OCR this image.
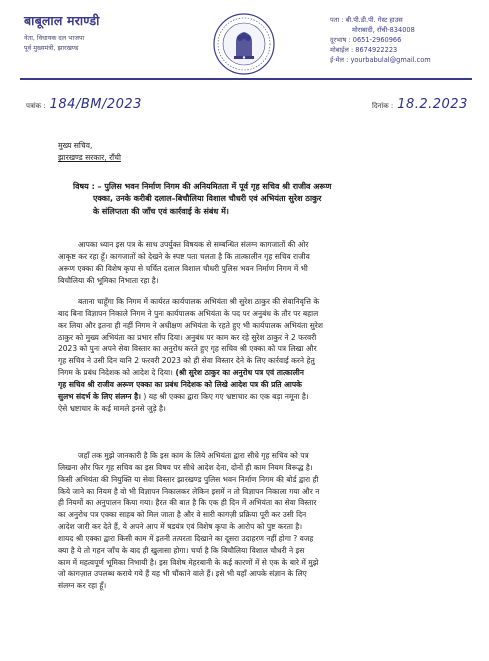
बाबूलाल मराण्डी
नेता, विधायक दल भाजपा
पूर्व मुख्यमंत्री, झारखण्ड
पता : बी.पी.डी.पी. गेस्ट हाउस
मोराबादी, राँची-834008
दूरभाष : 0651-2960966
मोबाईल : 8674922223
ई-मेल : yourbabulal@gmail.com
पत्रांक : 184/BM/2023	दिनांक : 18.2.2023
मुख्य सचिव,
झारखण्ड सरकार, राँची
विषय : – पुलिस भवन निर्माण निगम की अनियमितता में पूर्व गृह सचिव श्री राजीव अरूण
एक्का, उनके करीबी दलाल–बिचौलिया विशाल चौधरी एवं अभियंता सुरेश ठाकुर
के संलिप्तता की जाँच एवं कार्रवाई के संबंध में।
आपका ध्यान इस पत्र के साथ उपर्युक्त विषयक से सम्बन्धित संलग्न कागजातों की ओर
आकृष्ट कर रहा हूँ। कागजातों को देखने के स्पष्ट पता चलता है कि तात्कालीन गृह सचिव राजीव
अरूण एक्का की विशेष कृपा से चर्चित दलाल विशाल चौधरी पुलिस भवन निर्माण निगम में भी
बिचौलिया की भूमिका निभाता रहा है।
बताना चाहूँगा कि निगम में कार्यरत कार्यपालक अभियंता श्री सुरेश ठाकुर की सेवानिवृत्ति के
बाद बिना विज्ञापन निकाले निगम ने पुनः कार्यपालक अभियंता के पद पर अनुबंध के तौर पर बहाल
कर लिया और इतना ही नहीं निगम ने अधीक्षण अभियंता के रहते हुए भी कार्यपालक अभियंता सुरेश
ठाकुर को मुख्य अभियंता का प्रभार सौंप दिया। अनुबंध पर काम कर रहे सुरेश ठाकुर ने 2 फरवरी
2023 को पुनः अपने सेवा विस्तार का अनुरोध करते हुए गृह सचिव श्री एक्का को पत्र लिखा और
गृह सचिव ने उसी दिन यानि 2 फरवरी 2023 को ही सेवा विस्तार देने के लिए कार्रवाई करने हेतु
निगम के प्रबंध निदेशक को आदेश दे दिया। (श्री सुरेश ठाकुर का अनुरोध पत्र एवं तात्कालीन
गृह सचिव श्री राजीव अरूण एक्का का प्रबंध निदेशक को लिखे आदेश पत्र की प्रति आपके
सुलभ संदर्भ के लिए संलग्न है। ) यह श्री एक्का द्वारा किए गए भ्रष्टाचार का एक बड़ा नमूना है।
ऐसे भ्रष्टाचार के कई मामले इनसे जुड़े है।
जहाँ तक मुझे जानकारी है कि इस काम के लिये अभियंता द्वारा सीधे गृह सचिव को पत्र
लिखना और फिर गृह सचिव का इस विषय पर सीधे आदेश देना, दोनों ही काम नियम विरूद्ध है।
किसी अभियंता की नियुक्ति या सेवा विस्तार झारखण्ड पुलिस भवन निर्माण निगम की बोर्ड द्वारा ही
किये जाने का नियम है वो भी विज्ञापन निकालकर लेकिन इसमें न तो विज्ञापन निकाला गया और न
ही नियमों का अनुपालन किया गया। हैरत की बात है कि एक ही दिन में अभियंता का सेवा विस्तार
का अनुरोध पत्र एक्का साहब को मिल जाता है और वे सारी कागज़ी प्रक्रिया पूरी कर उसी दिन
आदेश जारी कर देते हैं, ये अपने आप में षडयंत्र एवं विशेष कृपा के आरोप को पुष्ट करता है।
शायद श्री एक्का द्वारा किसी काम में इतनी तत्परता दिखाने का दूसरा उदाहरण नहीं होगा ? वजह
क्या है ये तो गहन जाँच के बाद ही खुलासा होगा। चर्चा है कि बिचौलिया विशाल चौधरी ने इस
काम में महत्वपूर्ण भूमिका निभायी है। इस विशेष मेहरबानी के कई कारणों में से एक के बारे में मुझे
जो कागज़ात उपलब्ध कराये गये हैं यह भी चौंकाने वाले हैं। इसे भी यहाँ आपके संज्ञान के लिए
संलग्न कर रहा हूँ।
